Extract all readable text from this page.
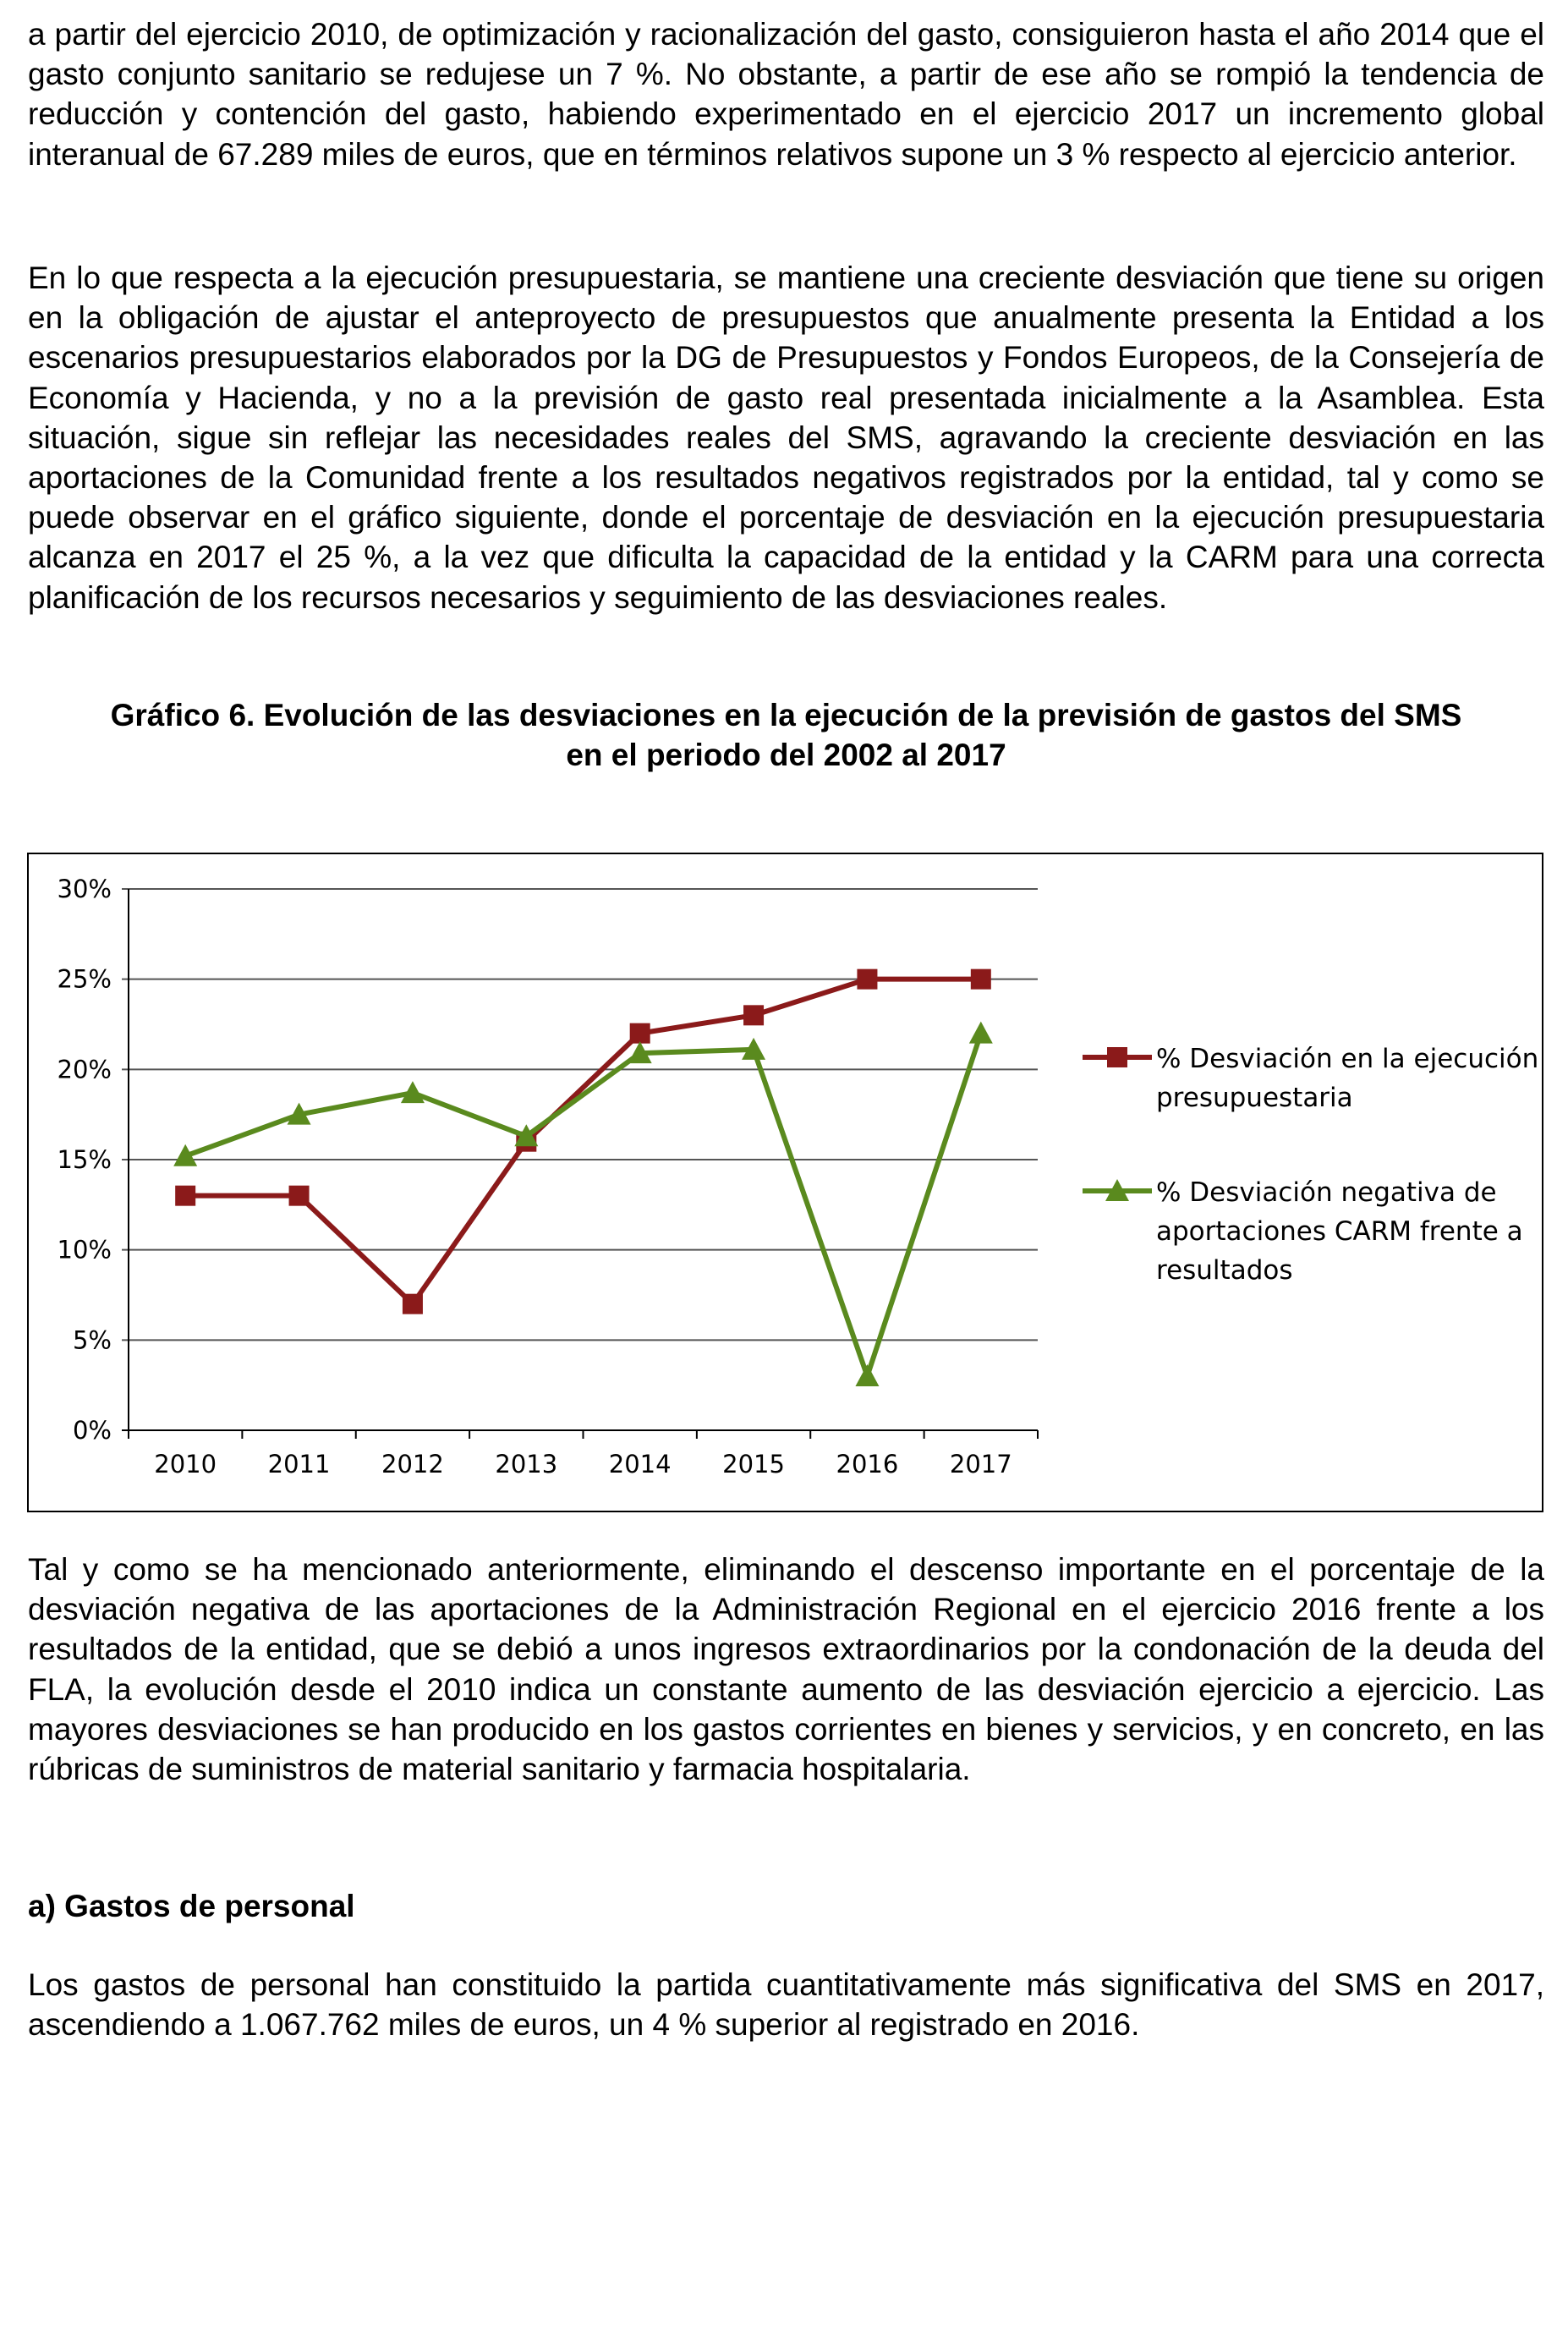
a partir del ejercicio 2010, de optimización y racionalización del gasto, consiguieron hasta el año 2014 que el gasto conjunto sanitario se redujese un 7 %. No obstante, a partir de ese año se rompió la tendencia de reducción y contención del gasto, habiendo experimentado en el ejercicio 2017 un incremento global interanual de 67.289 miles de euros, que en términos relativos supone un 3 % respecto al ejercicio anterior.

En lo que respecta a la ejecución presupuestaria, se mantiene una creciente desviación que tiene su origen en la obligación de ajustar el anteproyecto de presupuestos que anualmente presenta la Entidad a los escenarios presupuestarios elaborados por la DG de Presupuestos y Fondos Europeos, de la Consejería de Economía y Hacienda, y no a la previsión de gasto real presentada inicialmente a la Asamblea. Esta situación, sigue sin reflejar las necesidades reales del SMS, agravando la creciente desviación en las aportaciones de la Comunidad frente a los resultados negativos registrados por la entidad, tal y como se puede observar en el gráfico siguiente, donde el porcentaje de desviación en la ejecución presupuestaria alcanza en 2017 el 25 %, a la vez que dificulta la capacidad de la entidad y la CARM para una correcta planificación de los recursos necesarios y seguimiento de las desviaciones reales.

Gráfico 6. Evolución de las desviaciones en la ejecución de la previsión de gastos del SMS
en el periodo del 2002 al 2017
0%
5%
10%
15%
20%
25%
30%
2010 2011 2012 2013 2014 2015 2016 2017
% Desviación en la ejecución
presupuestaria
% Desviación negativa de
aportaciones CARM frente a
resultados

Tal y como se ha mencionado anteriormente, eliminando el descenso importante en el porcentaje de la desviación negativa de las aportaciones de la Administración Regional en el ejercicio 2016 frente a los resultados de la entidad, que se debió a unos ingresos extraordinarios por la condonación de la deuda del FLA, la evolución desde el 2010 indica un constante aumento de las desviación ejercicio a ejercicio. Las mayores desviaciones se han producido en los gastos corrientes en bienes y servicios, y en concreto, en las rúbricas de suministros de material sanitario y farmacia hospitalaria.

a) Gastos de personal

Los gastos de personal han constituido la partida cuantitativamente más significativa del SMS en 2017, ascendiendo a 1.067.762 miles de euros, un 4 % superior al registrado en 2016.
